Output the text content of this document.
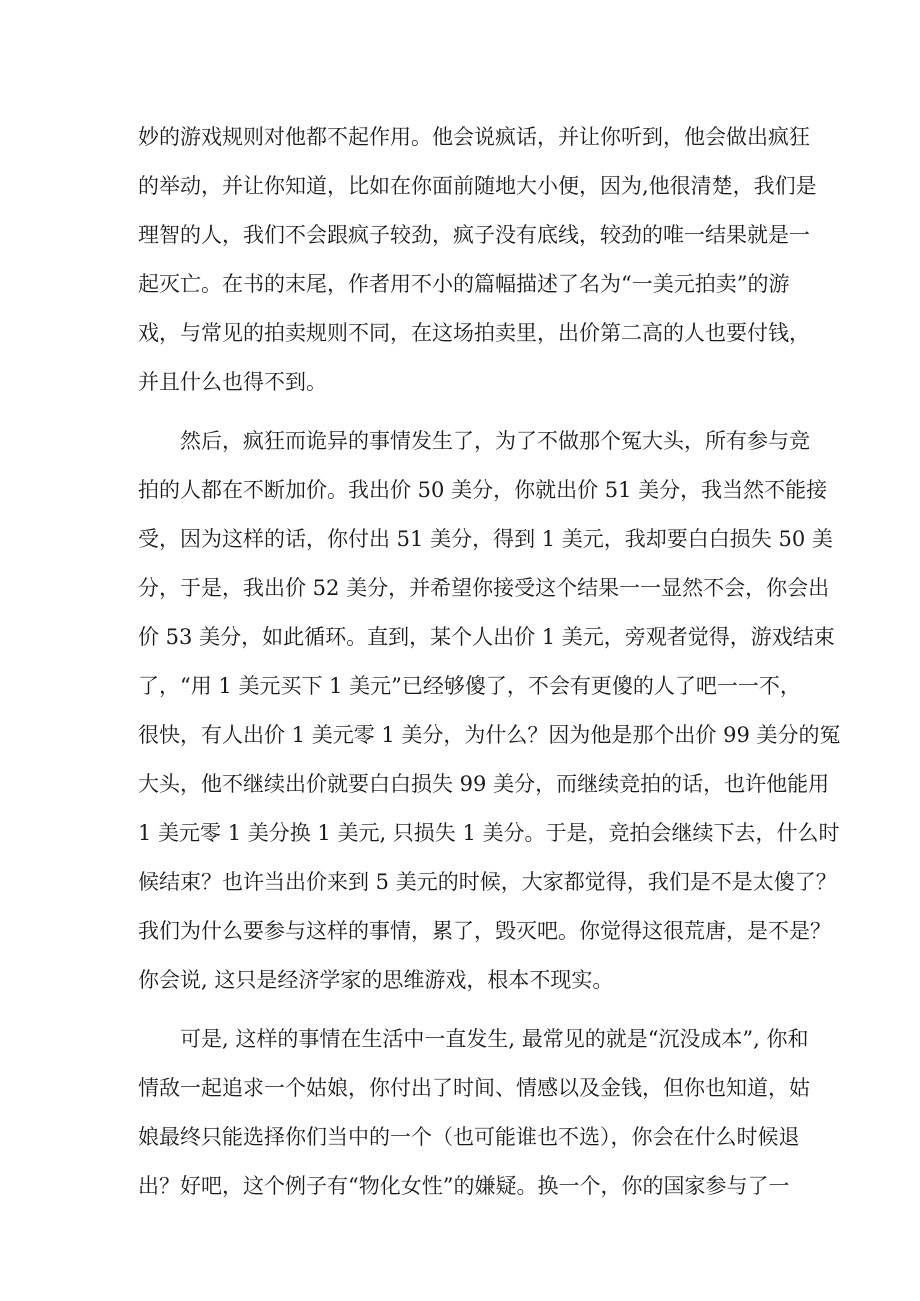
妙的游戏规则对他都不起作用。他会说疯话，并让你听到，他会做出疯狂
的举动，并让你知道，比如在你面前随地大小便，因为,他很清楚，我们是
理智的人，我们不会跟疯子较劲，疯子没有底线，较劲的唯一结果就是一
起灭亡。在书的末尾，作者用不小的篇幅描述了名为“一美元拍卖”的游
戏，与常见的拍卖规则不同，在这场拍卖里，出价第二高的人也要付钱，
并且什么也得不到。
　　然后，疯狂而诡异的事情发生了，为了不做那个冤大头，所有参与竞
拍的人都在不断加价。我出价 50 美分，你就出价 51 美分，我当然不能接
受，因为这样的话，你付出 51 美分，得到 1 美元，我却要白白损失 50 美
分，于是，我出价 52 美分，并希望你接受这个结果一一显然不会，你会出
价 53 美分，如此循环。直到，某个人出价 1 美元，旁观者觉得，游戏结束
了，“用 1 美元买下 1 美元”已经够傻了，不会有更傻的人了吧一一不，
很快，有人出价 1 美元零 1 美分，为什么？因为他是那个出价 99 美分的冤
大头，他不继续出价就要白白损失 99 美分，而继续竞拍的话，也许他能用
1 美元零 1 美分换 1 美元, 只损失 1 美分。于是，竞拍会继续下去，什么时
候结束？也许当出价来到 5 美元的时候，大家都觉得，我们是不是太傻了？
我们为什么要参与这样的事情，累了，毁灭吧。你觉得这很荒唐，是不是？
你会说, 这只是经济学家的思维游戏，根本不现实。
　　可是, 这样的事情在生活中一直发生, 最常见的就是“沉没成本”, 你和
情敌一起追求一个姑娘，你付出了时间、情感以及金钱，但你也知道，姑
娘最终只能选择你们当中的一个（也可能谁也不选），你会在什么时候退
出？好吧，这个例子有“物化女性”的嫌疑。换一个，你的国家参与了一
